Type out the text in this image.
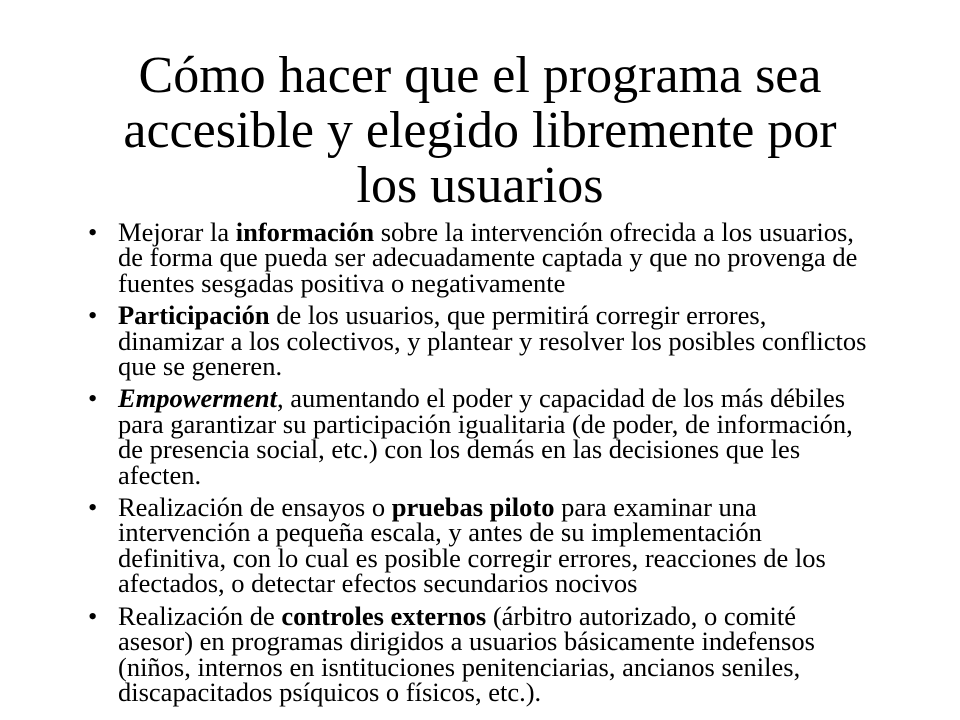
Cómo hacer que el programa sea
accesible y elegido libremente por
los usuarios
•
Mejorar la información sobre la intervención ofrecida a los usuarios,
de forma que pueda ser adecuadamente captada y que no provenga de
fuentes sesgadas positiva o negativamente
•
Participación de los usuarios, que permitirá corregir errores,
dinamizar a los colectivos, y plantear y resolver los posibles conflictos
que se generen.
•
Empowerment, aumentando el poder y capacidad de los más débiles
para garantizar su participación igualitaria (de poder, de información,
de presencia social, etc.) con los demás en las decisiones que les
afecten.
•
Realización de ensayos o pruebas piloto para examinar una
intervención a pequeña escala, y antes de su implementación
definitiva, con lo cual es posible corregir errores, reacciones de los
afectados, o detectar efectos secundarios nocivos
•
Realización de controles externos (árbitro autorizado, o comité
asesor) en programas dirigidos a usuarios básicamente indefensos
(niños, internos en isntituciones penitenciarias, ancianos seniles,
discapacitados psíquicos o físicos, etc.).
